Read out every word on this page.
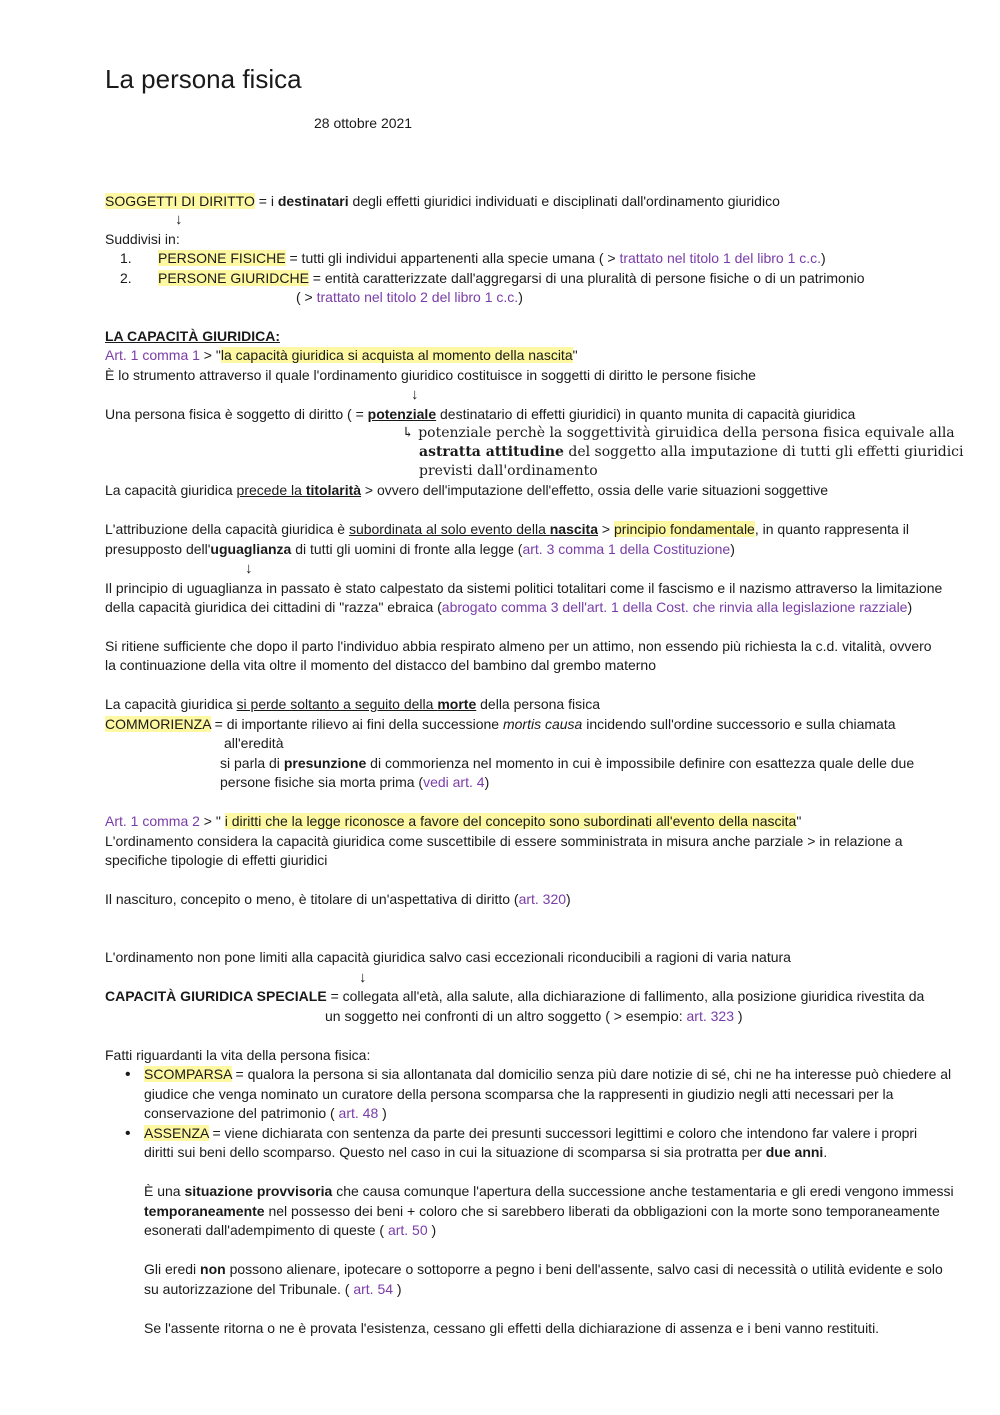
La persona fisica
28 ottobre 2021
SOGGETTI DI DIRITTO = i destinatari degli effetti giuridici individuati e disciplinati dall'ordinamento giuridico
↓
Suddivisi in:
1. PERSONE FISICHE = tutti gli individui appartenenti alla specie umana ( > trattato nel titolo 1 del libro 1 c.c.)
2. PERSONE GIURIDCHE = entità caratterizzate dall'aggregarsi di una pluralità di persone fisiche o di un patrimonio
( > trattato nel titolo 2 del libro 1 c.c.)
LA CAPACITÀ GIURIDICA:
Art. 1 comma 1 > "la capacità giuridica si acquista al momento della nascita"
È lo strumento attraverso il quale l'ordinamento giuridico costituisce in soggetti di diritto le persone fisiche
↓
Una persona fisica è soggetto di diritto ( = potenziale destinatario di effetti giuridici) in quanto munita di capacità giuridica
↳ potenziale perchè la soggettività giruidica della persona fisica equivale alla
astratta attitudine del soggetto alla imputazione di tutti gli effetti giuridici
previsti dall'ordinamento
La capacità giuridica precede la titolarità > ovvero dell'imputazione dell'effetto, ossia delle varie situazioni soggettive
L'attribuzione della capacità giuridica è subordinata al solo evento della nascita > principio fondamentale, in quanto rappresenta il
presupposto dell'uguaglianza di tutti gli uomini di fronte alla legge (art. 3 comma 1 della Costituzione)
↓
Il principio di uguaglianza in passato è stato calpestato da sistemi politici totalitari come il fascismo e il nazismo attraverso la limitazione
della capacità giuridica dei cittadini di "razza" ebraica (abrogato comma 3 dell'art. 1 della Cost. che rinvia alla legislazione razziale)
Si ritiene sufficiente che dopo il parto l'individuo abbia respirato almeno per un attimo, non essendo più richiesta la c.d. vitalità, ovvero
la continuazione della vita oltre il momento del distacco del bambino dal grembo materno
La capacità giuridica si perde soltanto a seguito della morte della persona fisica
COMMORIENZA = di importante rilievo ai fini della successione mortis causa incidendo sull'ordine successorio e sulla chiamata
all'eredità
si parla di presunzione di commorienza nel momento in cui è impossibile definire con esattezza quale delle due
persone fisiche sia morta prima (vedi art. 4)
Art. 1 comma 2 > " i diritti che la legge riconosce a favore del concepito sono subordinati all'evento della nascita"
L'ordinamento considera la capacità giuridica come suscettibile di essere somministrata in misura anche parziale > in relazione a
specifiche tipologie di effetti giuridici
Il nascituro, concepito o meno, è titolare di un'aspettativa di diritto (art. 320)
L'ordinamento non pone limiti alla capacità giuridica salvo casi eccezionali riconducibili a ragioni di varia natura
↓
CAPACITÀ GIURIDICA SPECIALE = collegata all'età, alla salute, alla dichiarazione di fallimento, alla posizione giuridica rivestita da
un soggetto nei confronti di un altro soggetto ( > esempio: art. 323 )
Fatti riguardanti la vita della persona fisica:
• SCOMPARSA = qualora la persona si sia allontanata dal domicilio senza più dare notizie di sé, chi ne ha interesse può chiedere al
giudice che venga nominato un curatore della persona scomparsa che la rappresenti in giudizio negli atti necessari per la
conservazione del patrimonio ( art. 48 )
• ASSENZA = viene dichiarata con sentenza da parte dei presunti successori legittimi e coloro che intendono far valere i propri
diritti sui beni dello scomparso. Questo nel caso in cui la situazione di scomparsa si sia protratta per due anni.
È una situazione provvisoria che causa comunque l'apertura della successione anche testamentaria e gli eredi vengono immessi
temporaneamente nel possesso dei beni + coloro che si sarebbero liberati da obbligazioni con la morte sono temporaneamente
esonerati dall'adempimento di queste ( art. 50 )
Gli eredi non possono alienare, ipotecare o sottoporre a pegno i beni dell'assente, salvo casi di necessità o utilità evidente e solo
su autorizzazione del Tribunale. ( art. 54 )
Se l'assente ritorna o ne è provata l'esistenza, cessano gli effetti della dichiarazione di assenza e i beni vanno restituiti.
